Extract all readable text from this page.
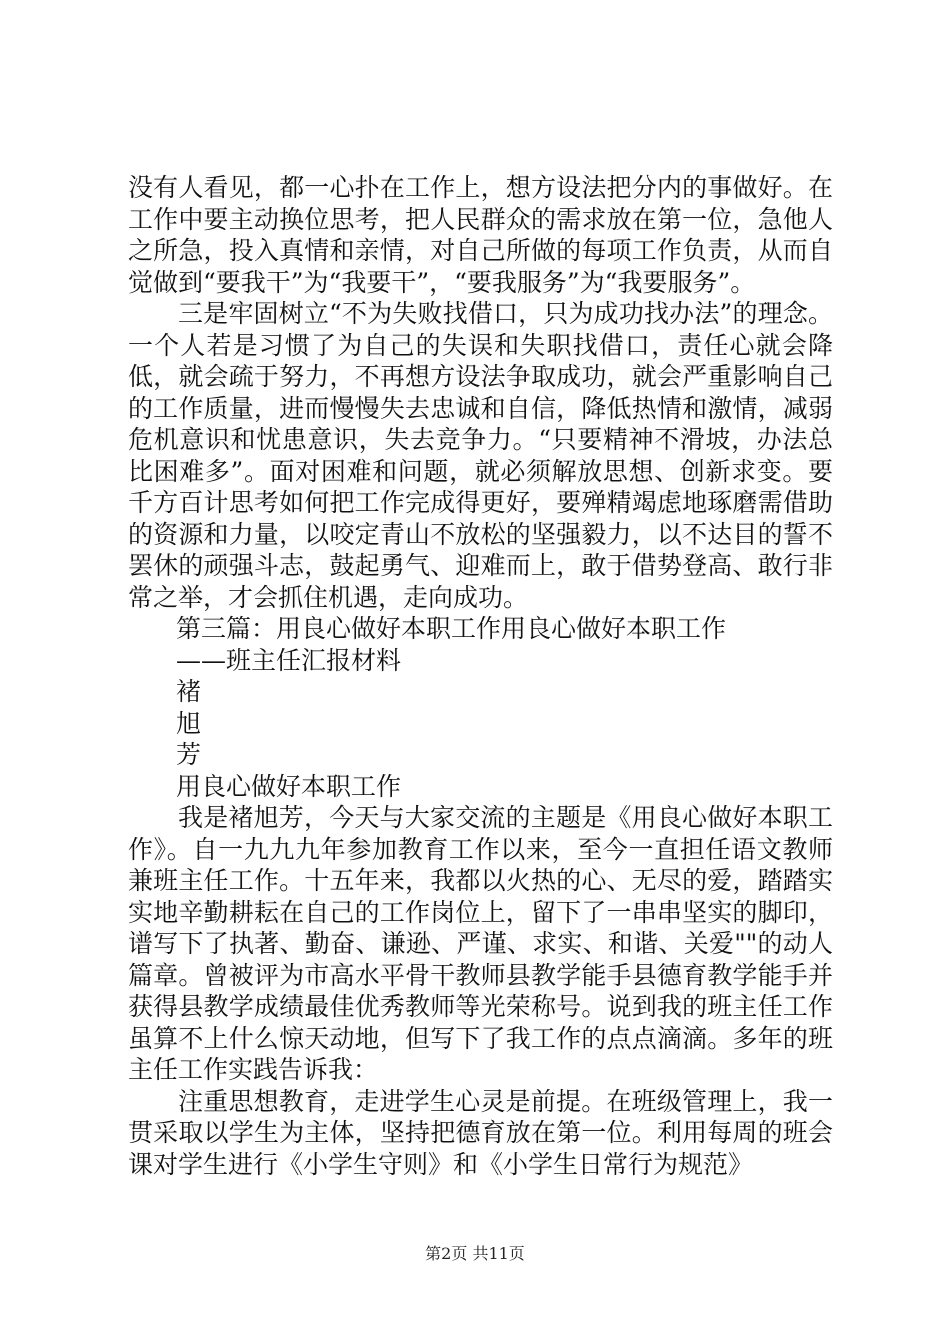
没有人看见，都一心扑在工作上，想方设法把分内的事做好。在工作中要主动换位思考，把人民群众的需求放在第一位，急他人之所急，投入真情和亲情，对自己所做的每项工作负责，从而自觉做到“要我干”为“我要干”，“要我服务”为“我要服务”。

三是牢固树立“不为失败找借口，只为成功找办法”的理念。一个人若是习惯了为自己的失误和失职找借口，责任心就会降低，就会疏于努力，不再想方设法争取成功，就会严重影响自己的工作质量，进而慢慢失去忠诚和自信，降低热情和激情，减弱危机意识和忧患意识，失去竞争力。“只要精神不滑坡，办法总比困难多”。面对困难和问题，就必须解放思想、创新求变。要千方百计思考如何把工作完成得更好，要殚精竭虑地琢磨需借助的资源和力量，以咬定青山不放松的坚强毅力，以不达目的誓不罢休的顽强斗志，鼓起勇气、迎难而上，敢于借势登高、敢行非常之举，才会抓住机遇，走向成功。

第三篇：用良心做好本职工作用良心做好本职工作

——班主任汇报材料

褚

旭

芳

用良心做好本职工作

我是褚旭芳，今天与大家交流的主题是《用良心做好本职工作》。自一九九九年参加教育工作以来，至今一直担任语文教师兼班主任工作。十五年来，我都以火热的心、无尽的爱，踏踏实实地辛勤耕耘在自己的工作岗位上，留下了一串串坚实的脚印，谱写下了执著、勤奋、谦逊、严谨、求实、和谐、关爱""的动人篇章。曾被评为市高水平骨干教师县教学能手县德育教学能手并获得县教学成绩最佳优秀教师等光荣称号。说到我的班主任工作虽算不上什么惊天动地，但写下了我工作的点点滴滴。多年的班主任工作实践告诉我：

注重思想教育，走进学生心灵是前提。在班级管理上，我一贯采取以学生为主体，坚持把德育放在第一位。利用每周的班会课对学生进行《小学生守则》和《小学生日常行为规范》

第2页 共11页
